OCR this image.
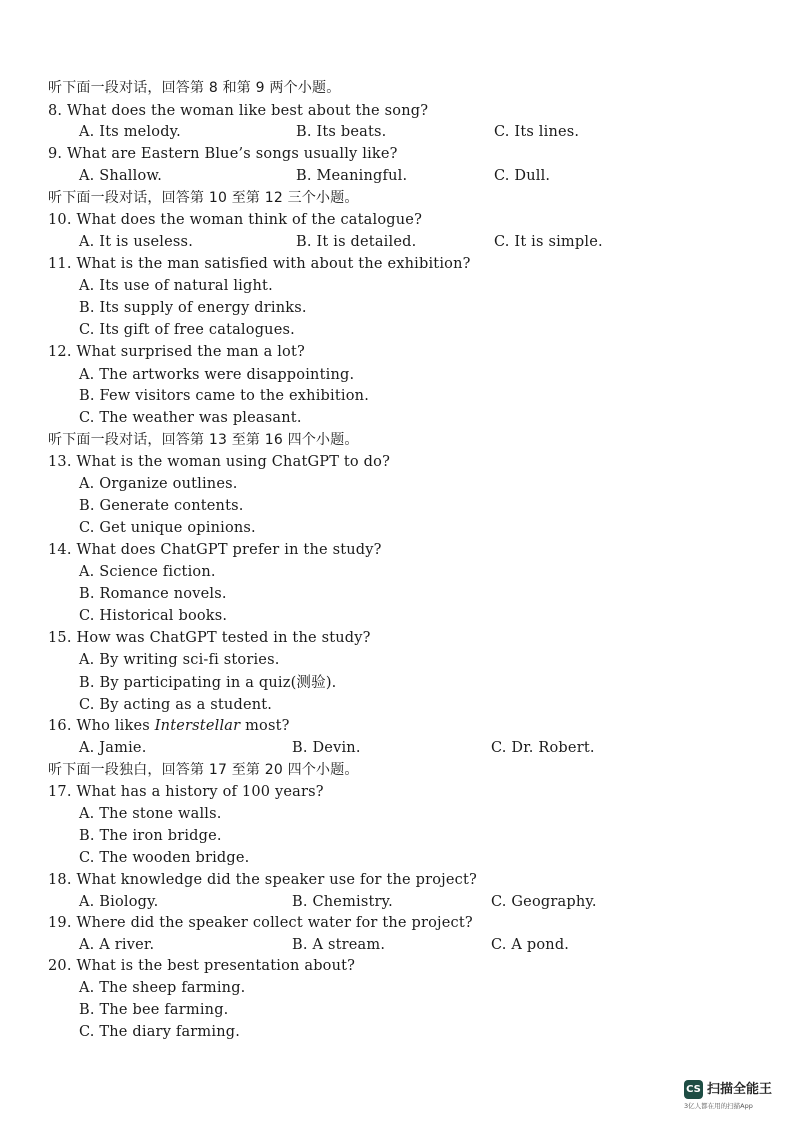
听下面一段对话，回答第 8 和第 9 两个小题。
8. What does the woman like best about the song?
A. Its melody.	B. Its beats.	C. Its lines.
9. What are Eastern Blue’s songs usually like?
A. Shallow.	B. Meaningful.	C. Dull.
听下面一段对话，回答第 10 至第 12 三个小题。
10. What does the woman think of the catalogue?
A. It is useless.	B. It is detailed.	C. It is simple.
11. What is the man satisfied with about the exhibition?
A. Its use of natural light.
B. Its supply of energy drinks.
C. Its gift of free catalogues.
12. What surprised the man a lot?
A. The artworks were disappointing.
B. Few visitors came to the exhibition.
C. The weather was pleasant.
听下面一段对话，回答第 13 至第 16 四个小题。
13. What is the woman using ChatGPT to do?
A. Organize outlines.
B. Generate contents.
C. Get unique opinions.
14. What does ChatGPT prefer in the study?
A. Science fiction.
B. Romance novels.
C. Historical books.
15. How was ChatGPT tested in the study?
A. By writing sci-fi stories.
B. By participating in a quiz(测验).
C. By acting as a student.
16. Who likes Interstellar most?
A. Jamie.	B. Devin.	C. Dr. Robert.
听下面一段独白，回答第 17 至第 20 四个小题。
17. What has a history of 100 years?
A. The stone walls.
B. The iron bridge.
C. The wooden bridge.
18. What knowledge did the speaker use for the project?
A. Biology.	B. Chemistry.	C. Geography.
19. Where did the speaker collect water for the project?
A. A river.	B. A stream.	C. A pond.
20. What is the best presentation about?
A. The sheep farming.
B. The bee farming.
C. The diary farming.
CS 扫描全能王
3亿人都在用的扫描App
